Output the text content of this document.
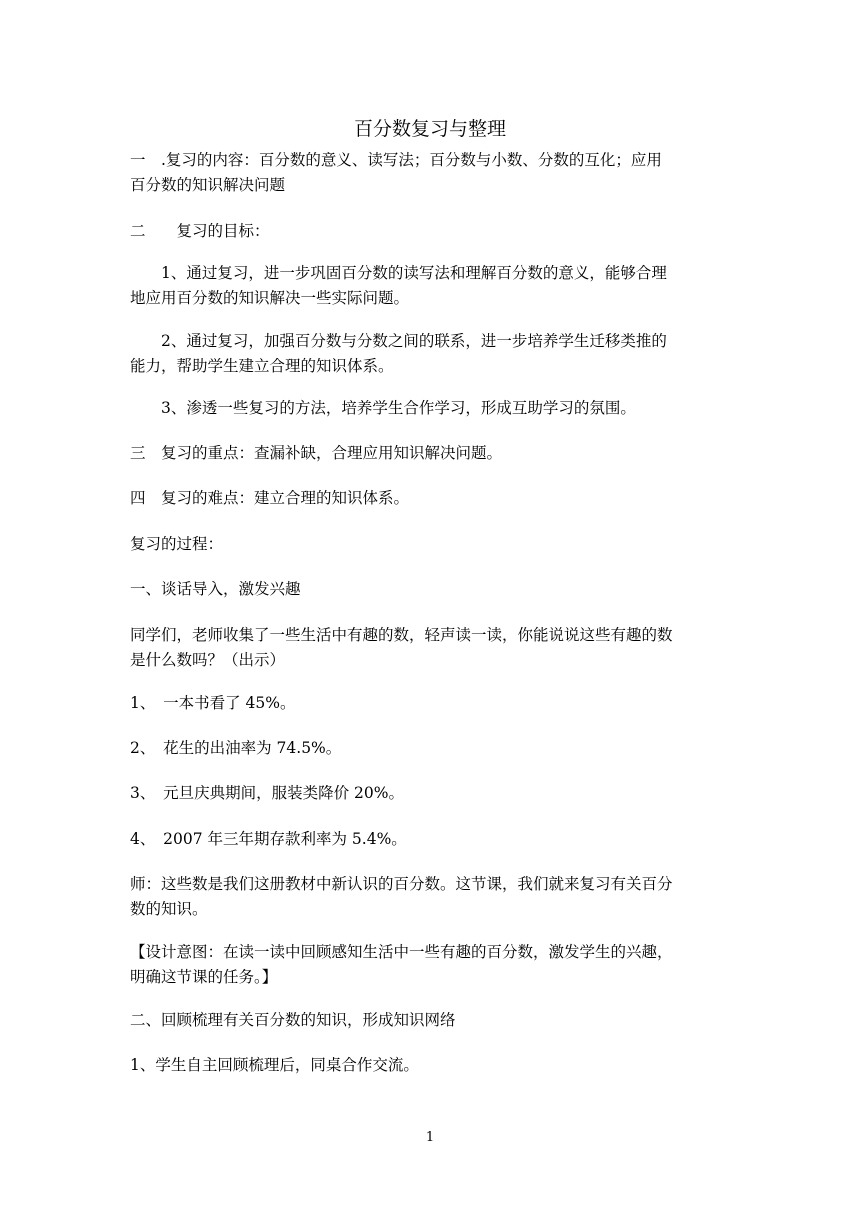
百分数复习与整理
一　.复习的内容：百分数的意义、读写法；百分数与小数、分数的互化；应用
百分数的知识解决问题
二　　复习的目标：
　　1、通过复习，进一步巩固百分数的读写法和理解百分数的意义，能够合理
地应用百分数的知识解决一些实际问题。
　　2、通过复习，加强百分数与分数之间的联系，进一步培养学生迁移类推的
能力，帮助学生建立合理的知识体系。
　　3、渗透一些复习的方法，培养学生合作学习，形成互助学习的氛围。
三　复习的重点：查漏补缺，合理应用知识解决问题。
四　复习的难点：建立合理的知识体系。
复习的过程：
一、谈话导入，激发兴趣
同学们，老师收集了一些生活中有趣的数，轻声读一读，你能说说这些有趣的数
是什么数吗？（出示）
1、　一本书看了 45%。
2、　花生的出油率为 74.5%。
3、　元旦庆典期间，服装类降价 20%。
4、　2007 年三年期存款利率为 5.4%。
师：这些数是我们这册教材中新认识的百分数。这节课，我们就来复习有关百分
数的知识。
【设计意图：在读一读中回顾感知生活中一些有趣的百分数，激发学生的兴趣，
明确这节课的任务。】
二、回顾梳理有关百分数的知识，形成知识网络
1、学生自主回顾梳理后，同桌合作交流。
1
